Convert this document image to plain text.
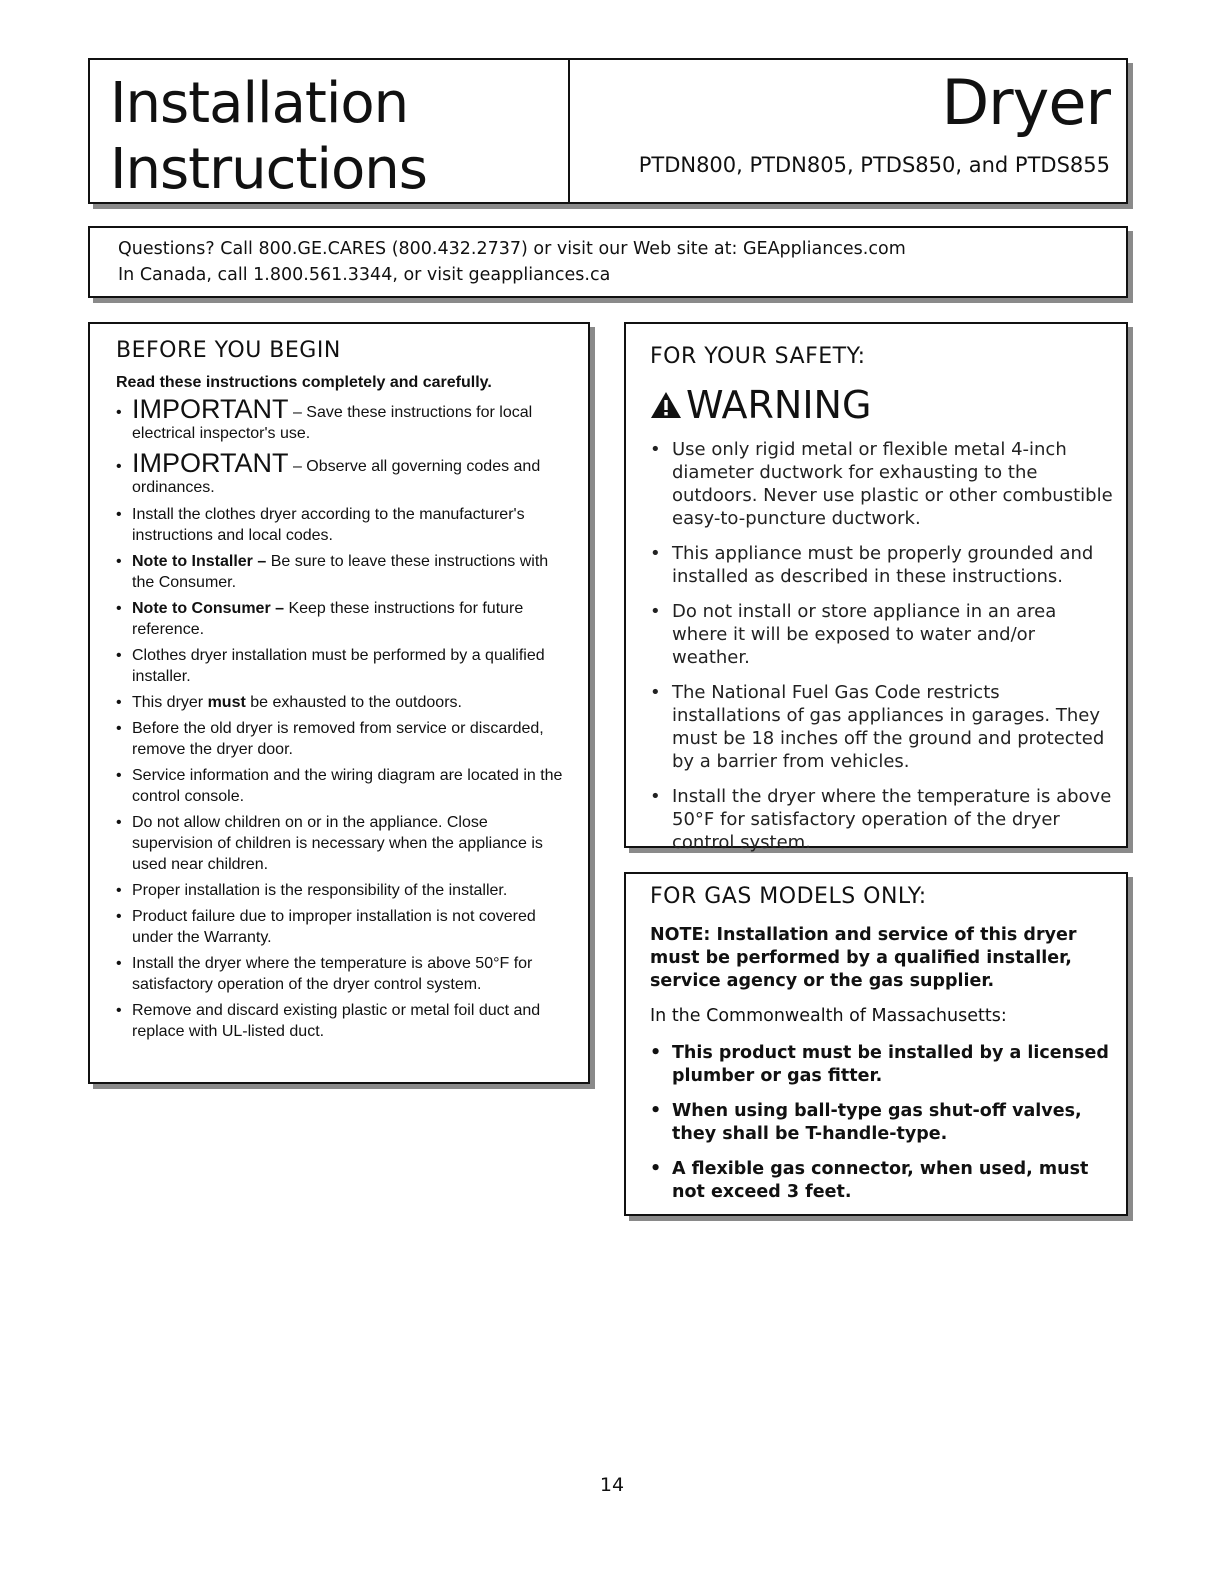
Installation
Instructions
Dryer
PTDN800, PTDN805, PTDS850, and PTDS855
Questions? Call 800.GE.CARES (800.432.2737) or visit our Web site at: GEAppliances.com
In Canada, call 1.800.561.3344, or visit geappliances.ca
BEFORE YOU BEGIN
Read these instructions completely and carefully.
• IMPORTANT – Save these instructions for local electrical inspector's use.
• IMPORTANT – Observe all governing codes and ordinances.
• Install the clothes dryer according to the manufacturer's instructions and local codes.
• Note to Installer – Be sure to leave these instructions with the Consumer.
• Note to Consumer – Keep these instructions for future reference.
• Clothes dryer installation must be performed by a qualified installer.
• This dryer must be exhausted to the outdoors.
• Before the old dryer is removed from service or discarded, remove the dryer door.
• Service information and the wiring diagram are located in the control console.
• Do not allow children on or in the appliance. Close supervision of children is necessary when the appliance is used near children.
• Proper installation is the responsibility of the installer.
• Product failure due to improper installation is not covered under the Warranty.
• Install the dryer where the temperature is above 50°F for satisfactory operation of the dryer control system.
• Remove and discard existing plastic or metal foil duct and replace with UL-listed duct.
FOR YOUR SAFETY:
WARNING
• Use only rigid metal or flexible metal 4-inch diameter ductwork for exhausting to the outdoors. Never use plastic or other combustible easy-to-puncture ductwork.
• This appliance must be properly grounded and installed as described in these instructions.
• Do not install or store appliance in an area where it will be exposed to water and/or weather.
• The National Fuel Gas Code restricts installations of gas appliances in garages. They must be 18 inches off the ground and protected by a barrier from vehicles.
• Install the dryer where the temperature is above 50°F for satisfactory operation of the dryer control system.
FOR GAS MODELS ONLY:
NOTE: Installation and service of this dryer must be performed by a qualified installer, service agency or the gas supplier.
In the Commonwealth of Massachusetts:
• This product must be installed by a licensed plumber or gas fitter.
• When using ball-type gas shut-off valves, they shall be T-handle-type.
• A flexible gas connector, when used, must not exceed 3 feet.
14
